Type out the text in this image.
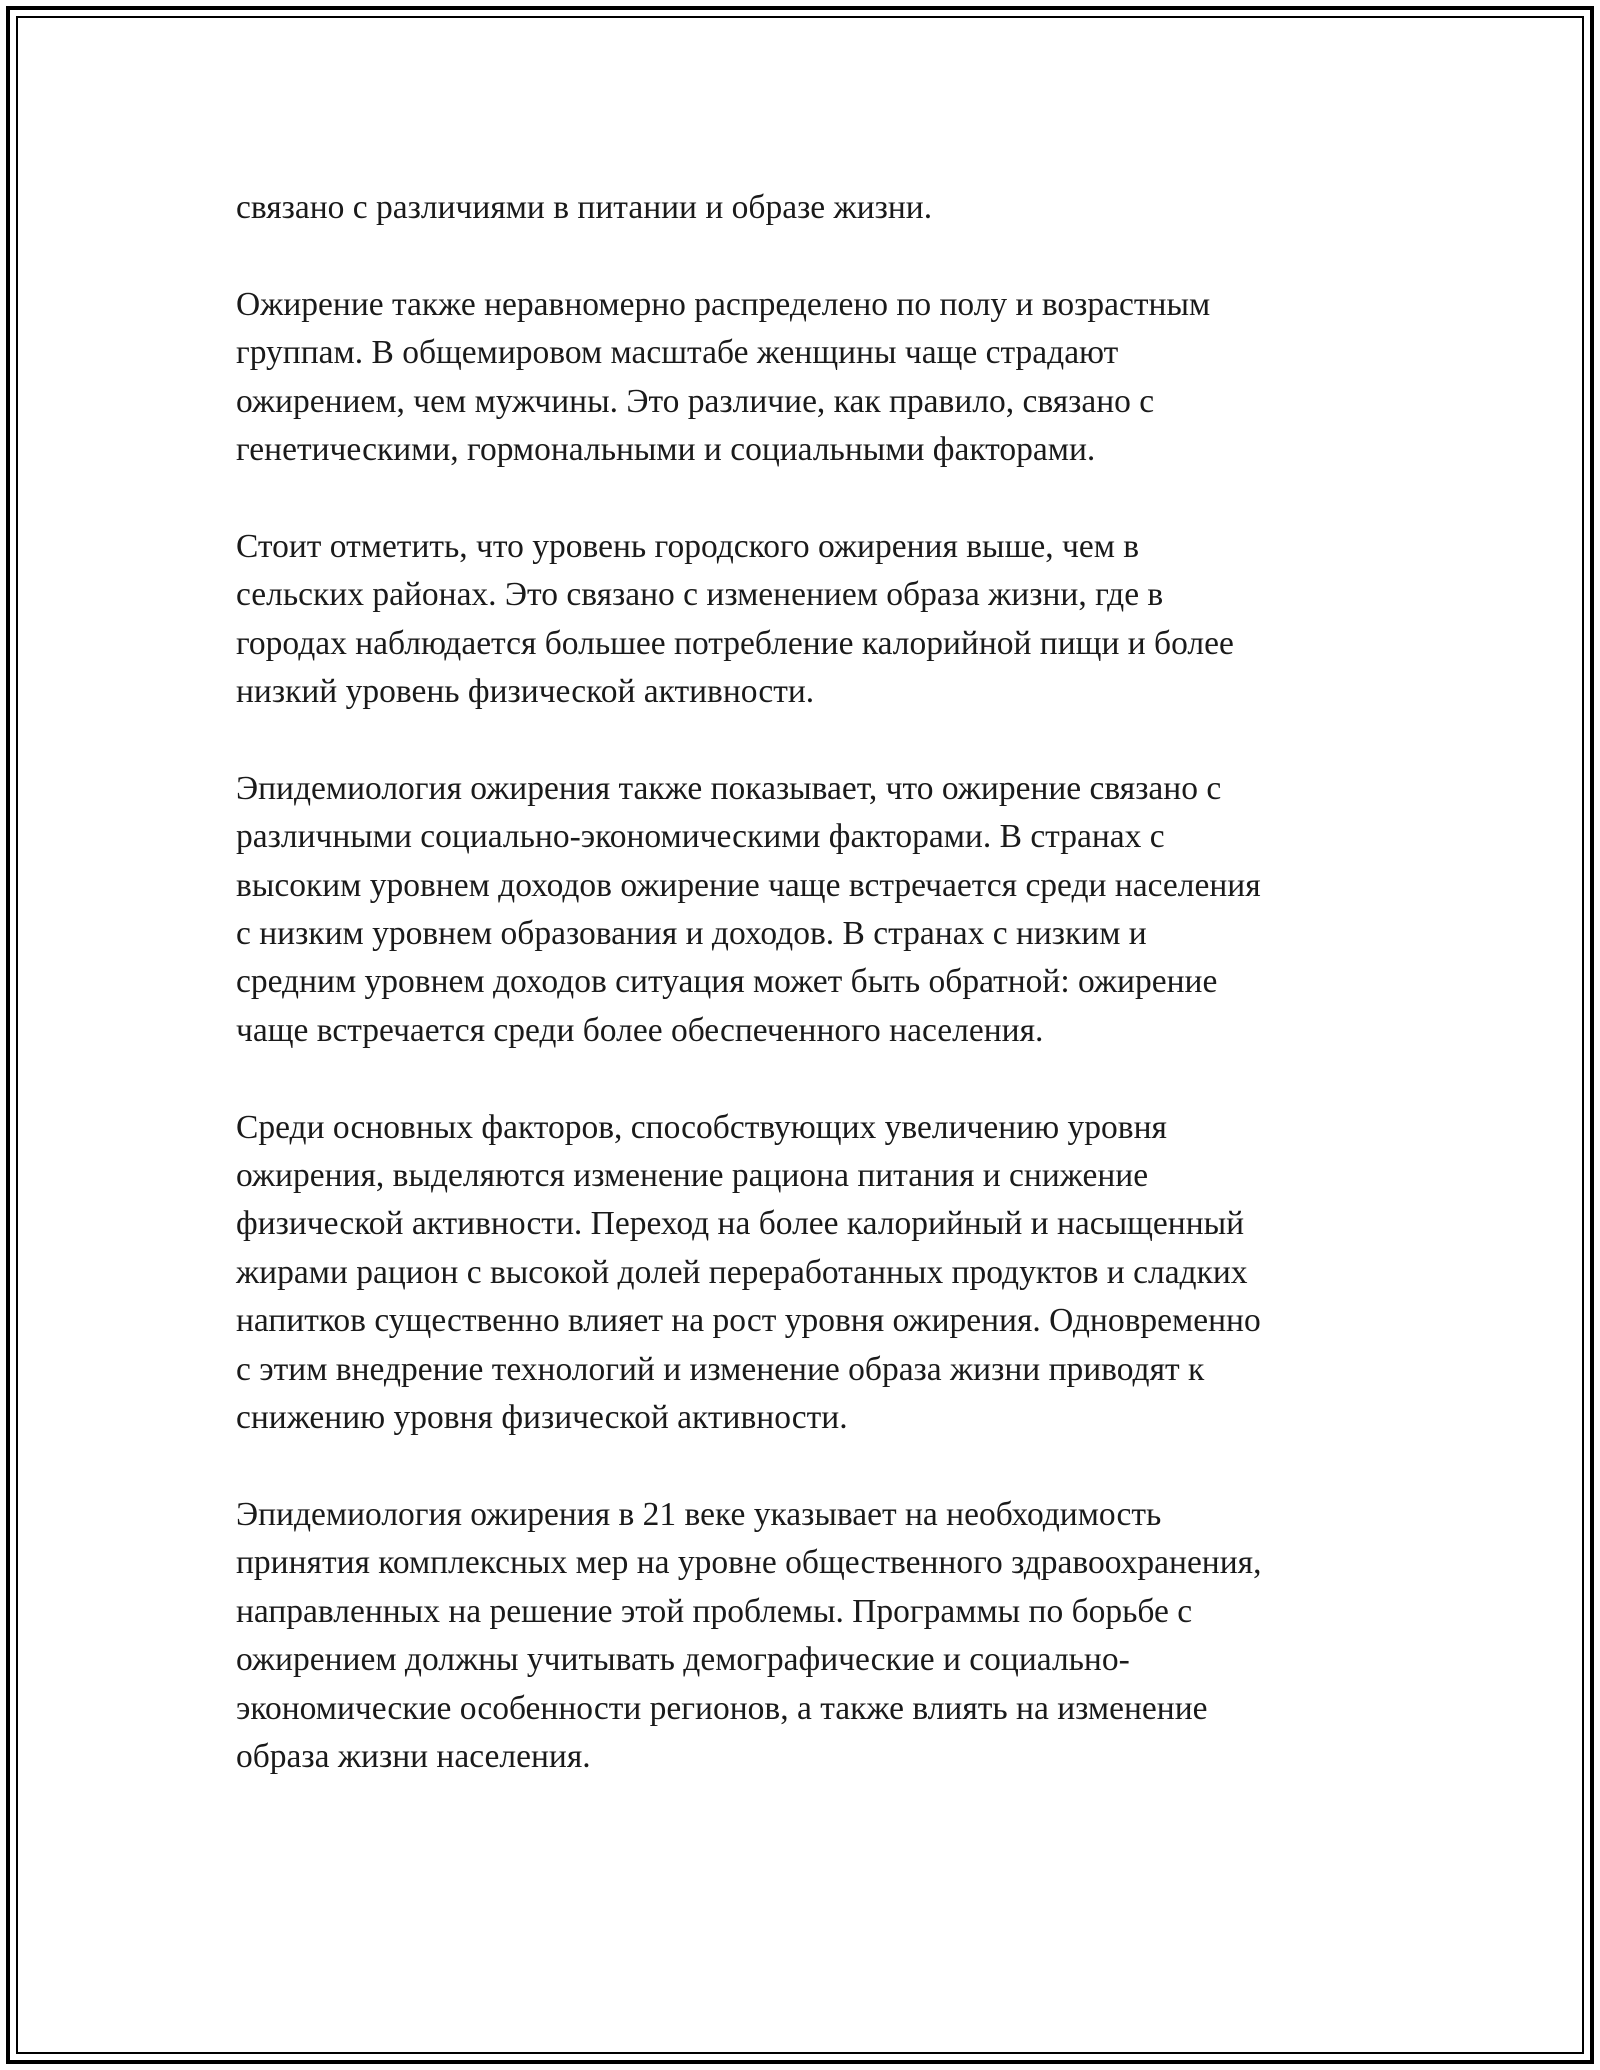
связано с различиями в питании и образе жизни.

Ожирение также неравномерно распределено по полу и возрастным
группам. В общемировом масштабе женщины чаще страдают
ожирением, чем мужчины. Это различие, как правило, связано с
генетическими, гормональными и социальными факторами.

Стоит отметить, что уровень городского ожирения выше, чем в
сельских районах. Это связано с изменением образа жизни, где в
городах наблюдается большее потребление калорийной пищи и более
низкий уровень физической активности.

Эпидемиология ожирения также показывает, что ожирение связано с
различными социально-экономическими факторами. В странах с
высоким уровнем доходов ожирение чаще встречается среди населения
с низким уровнем образования и доходов. В странах с низким и
средним уровнем доходов ситуация может быть обратной: ожирение
чаще встречается среди более обеспеченного населения.

Среди основных факторов, способствующих увеличению уровня
ожирения, выделяются изменение рациона питания и снижение
физической активности. Переход на более калорийный и насыщенный
жирами рацион с высокой долей переработанных продуктов и сладких
напитков существенно влияет на рост уровня ожирения. Одновременно
с этим внедрение технологий и изменение образа жизни приводят к
снижению уровня физической активности.

Эпидемиология ожирения в 21 веке указывает на необходимость
принятия комплексных мер на уровне общественного здравоохранения,
направленных на решение этой проблемы. Программы по борьбе с
ожирением должны учитывать демографические и социально-
экономические особенности регионов, а также влиять на изменение
образа жизни населения.
